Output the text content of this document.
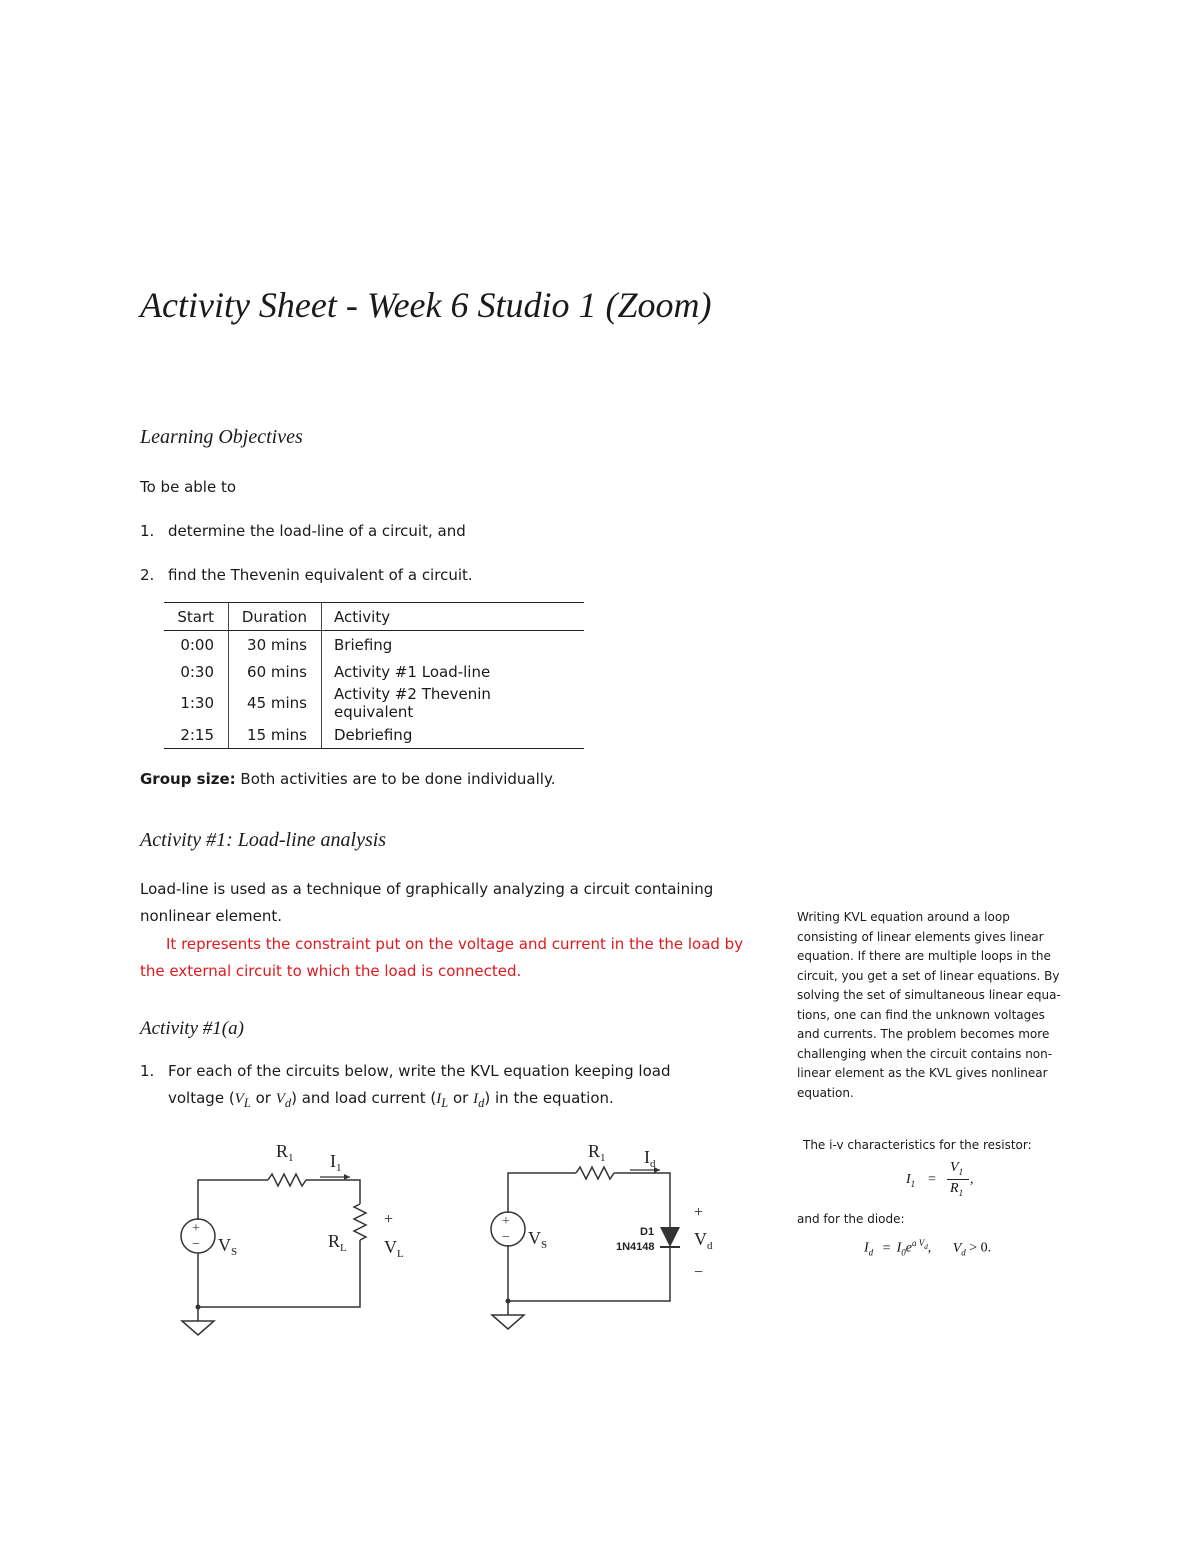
Activity Sheet - Week 6 Studio 1 (Zoom)
Learning Objectives
To be able to
1. determine the load-line of a circuit, and
2. find the Thevenin equivalent of a circuit.
Start	Duration	Activity
0:00	30 mins	Briefing
0:30	60 mins	Activity #1 Load-line
1:30	45 mins	Activity #2 Thevenin equivalent
2:15	15 mins	Debriefing
Group size: Both activities are to be done individually.
Activity #1: Load-line analysis
Load-line is used as a technique of graphically analyzing a circuit containing
nonlinear element.
It represents the constraint put on the voltage and current in the the load by
the external circuit to which the load is connected.
Activity #1(a)
1. For each of the circuits below, write the KVL equation keeping load
voltage ($V_L$ or $V_d$) and load current ($I_L$ or $I_d$) in the equation.
Writing KVL equation around a loop
consisting of linear elements gives linear
equation. If there are multiple loops in the
circuit, you get a set of linear equations. By
solving the set of simultaneous linear equa-
tions, one can find the unknown voltages
and currents. The problem becomes more
challenging when the circuit contains non-
linear element as the KVL gives nonlinear
equation.
The i-v characteristics for the resistor:
$I_1$ =
$V_1$
$R_1$
,
and for the diode:
$I_d = I_0e^{a V_d}$, $V_d > 0$.
+
−
$R_1$ $I_1$
$V_S$
$R_L$
+
$V_L$
+
−
$R_1$ $I_d$
$V_S$
D1
1N4148
+
$V_d$
−
